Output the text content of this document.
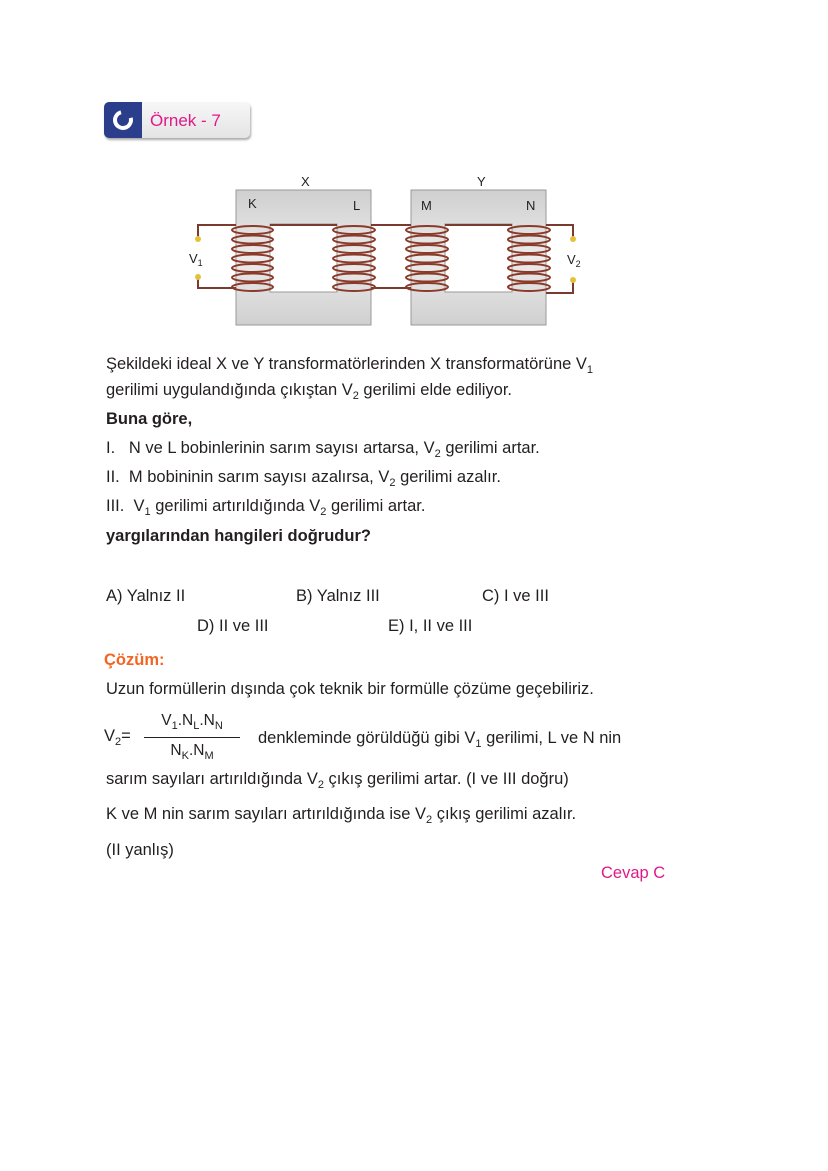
Örnek - 7
X	Y
K	L	M	N
$V_1$	$V_2$
Şekildeki ideal X ve Y transformatörlerinden X transformatörüne $V_1$
gerilimi uygulandığında çıkıştan $V_2$ gerilimi elde ediliyor.
Buna göre,
I.   N ve L bobinlerinin sarım sayısı artarsa, $V_2$ gerilimi artar.
II.  M bobininin sarım sayısı azalırsa, $V_2$ gerilimi azalır.
III.  $V_1$ gerilimi artırıldığında $V_2$ gerilimi artar.
yargılarından hangileri doğrudur?
A) Yalnız II	B) Yalnız III	C) I ve III
D) II ve III	E) I, II ve III
Çözüm:
Uzun formüllerin dışında çok teknik bir formülle çözüme geçebiliriz.
$V_2=$
$V_1.N_L.N_N$
$N_K.N_M$
denkleminde görüldüğü gibi $V_1$ gerilimi, L ve N nin
sarım sayıları artırıldığında $V_2$ çıkış gerilimi artar. (I ve III doğru)
K ve M nin sarım sayıları artırıldığında ise $V_2$ çıkış gerilimi azalır.
(II yanlış)
Cevap C
